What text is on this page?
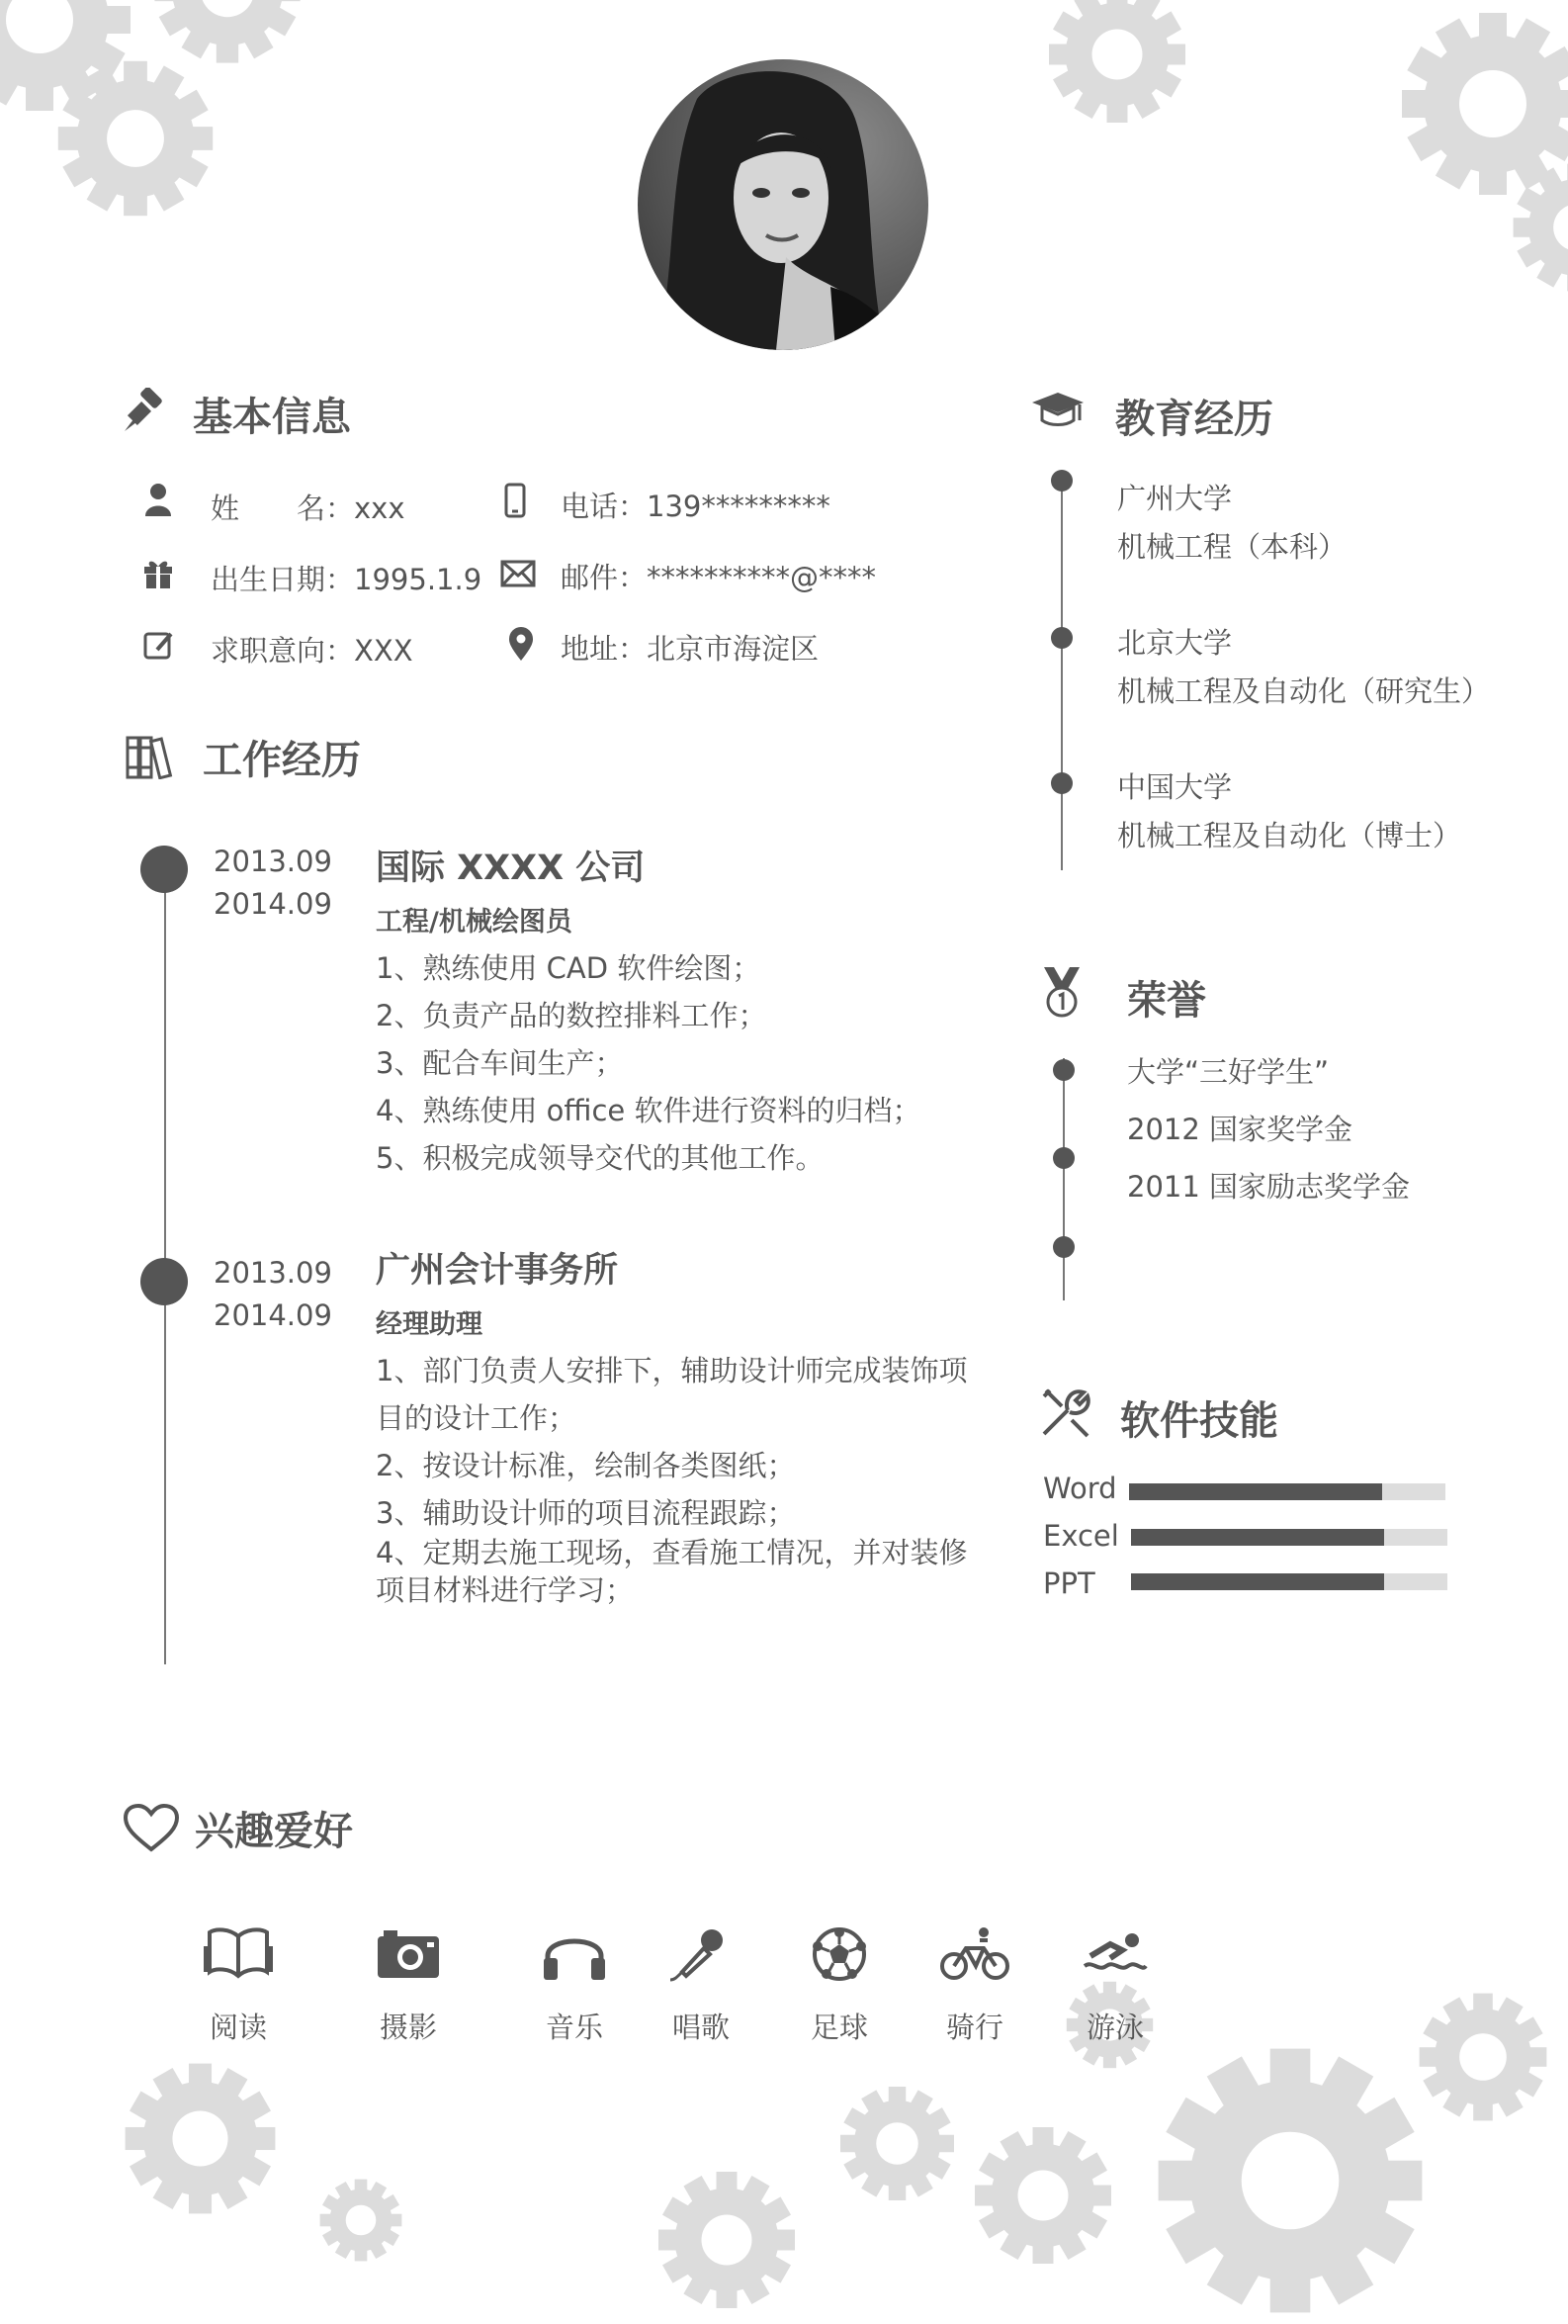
基本信息
姓　　名：xxx
出生日期：1995.1.9
求职意向：XXX
电话：139*********
邮件：**********@****
地址：北京市海淀区
工作经历
2013.09
2014.09
国际 XXXX 公司
工程/机械绘图员
1、熟练使用 CAD 软件绘图；
2、负责产品的数控排料工作；
3、配合车间生产；
4、熟练使用 office 软件进行资料的归档；
5、积极完成领导交代的其他工作。
2013.09
2014.09
广州会计事务所
经理助理
1、部门负责人安排下，辅助设计师完成装饰项
目的设计工作；
2、按设计标准，绘制各类图纸；
3、辅助设计师的项目流程跟踪；
4、定期去施工现场，查看施工情况，并对装修
项目材料进行学习；
教育经历
广州大学
机械工程（本科）
北京大学
机械工程及自动化（研究生）
中国大学
机械工程及自动化（博士）
荣誉
大学“三好学生”
2012 国家奖学金
2011 国家励志奖学金
软件技能
Word
Excel
PPT
兴趣爱好
阅读	摄影	音乐	唱歌	足球	骑行	游泳
